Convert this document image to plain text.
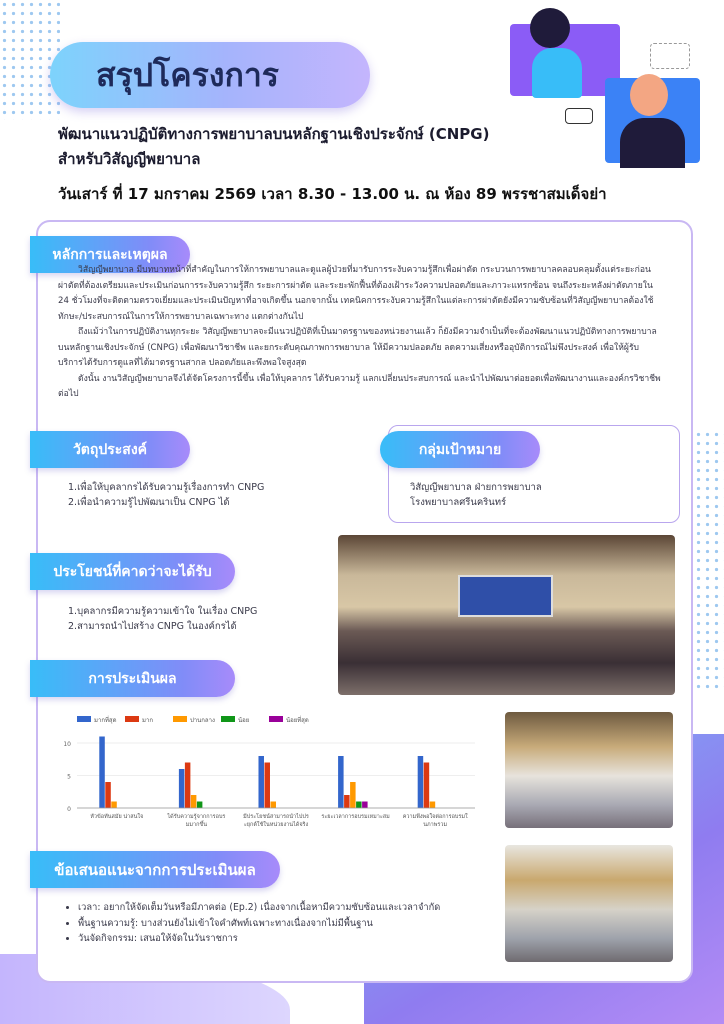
สรุปโครงการ
พัฒนาแนวปฏิบัติทางการพยาบาลบนหลักฐานเชิงประจักษ์ (CNPG)
สำหรับวิสัญญีพยาบาล
วันเสาร์ ที่ 17 มกราคม 2569 เวลา 8.30 - 13.00 น. ณ ห้อง 89 พรรชาสมเด็จย่า
หลักการและเหตุผล

วิสัญญีพยาบาล มีบทบาทหน้าที่สำคัญในการให้การพยาบาลและดูแลผู้ป่วยที่มารับการระงับความรู้สึกเพื่อผ่าตัด กระบวนการพยาบาลคลอบคลุมตั้งแต่ระยะก่อนผ่าตัดที่ต้องเตรียมและประเมินก่อนการระงับความรู้สึก ระยะการผ่าตัด และระยะพักฟื้นที่ต้องเฝ้าระวังความปลอดภัยและภาวะแทรกซ้อน จนถึงระยะหลังผ่าตัดภายใน 24 ชั่วโมงที่จะติดตามตรวจเยี่ยมและประเมินปัญหาที่อาจเกิดขึ้น นอกจากนั้น เทคนิคการระงับความรู้สึกในแต่ละการผ่าตัดยังมีความซับซ้อนที่วิสัญญีพยาบาลต้องใช้ทักษะ/ประสบการณ์ในการให้การพยาบาลเฉพาะทาง แตกต่างกันไป

ถึงแม้ว่าในการปฏิบัติงานทุกระยะ วิสัญญีพยาบาลจะมีแนวปฏิบัติที่เป็นมาตรฐานของหน่วยงานแล้ว ก็ยังมีความจำเป็นที่จะต้องพัฒนาแนวปฏิบัติทางการพยาบาลบนหลักฐานเชิงประจักษ์ (CNPG) เพื่อพัฒนาวิชาชีพ และยกระดับคุณภาพการพยาบาล ให้มีความปลอดภัย ลดความเสี่ยงหรืออุบัติการณ์ไม่พึงประสงค์ เพื่อให้ผู้รับบริการได้รับการดูแลที่ได้มาตรฐานสากล ปลอดภัยและพึงพอใจสูงสุด

ดังนั้น งานวิสัญญีพยาบาลจึงได้จัดโครงการนี้ขึ้น เพื่อให้บุคลากร ได้รับความรู้ แลกเปลี่ยนประสบการณ์ และนำไปพัฒนาต่อยอดเพื่อพัฒนางานและองค์กรวิชาชีพต่อไป

วัตถุประสงค์
1.เพื่อให้บุคลากรได้รับความรู้เรื่องการทำ CNPG
2.เพื่อนำความรู้ไปพัฒนาเป็น CNPG ได้
กลุ่มเป้าหมาย
วิสัญญีพยาบาล ฝ่ายการพยาบาล
โรงพยาบาลศรีนครินทร์
ประโยชน์ที่คาดว่าจะได้รับ
1.บุคลากรมีความรู้ความเข้าใจ ในเรื่อง CNPG
2.สามารถนำไปสร้าง CNPG ในองค์กรได้
การประเมินผล
0
5
10
มากที่สุด	มาก	ปานกลาง	น้อย	น้อยที่สุด
หัวข้อทันสมัย น่าสนใจ	ได้รับความรู้จากการอบร
มมากขึ้น
มีประโยชน์สามารถนำไปปร
ะยุกต์ใช้ในหน่วยงานได้จริง
ระยะเวลาการอบรมเหมาะสม ความพึงพอใจต่อการอบรมใ
นภาพรวม
ข้อเสนอแนะจากการประเมินผล
• เวลา: อยากให้จัดเต็มวันหรือมีภาคต่อ (Ep.2) เนื่องจากเนื้อหามีความซับซ้อนและเวลาจำกัด
• พื้นฐานความรู้: บางส่วนยังไม่เข้าใจคำศัพท์เฉพาะทางเนื่องจากไม่มีพื้นฐาน
• วันจัดกิจกรรม: เสนอให้จัดในวันราชการ
